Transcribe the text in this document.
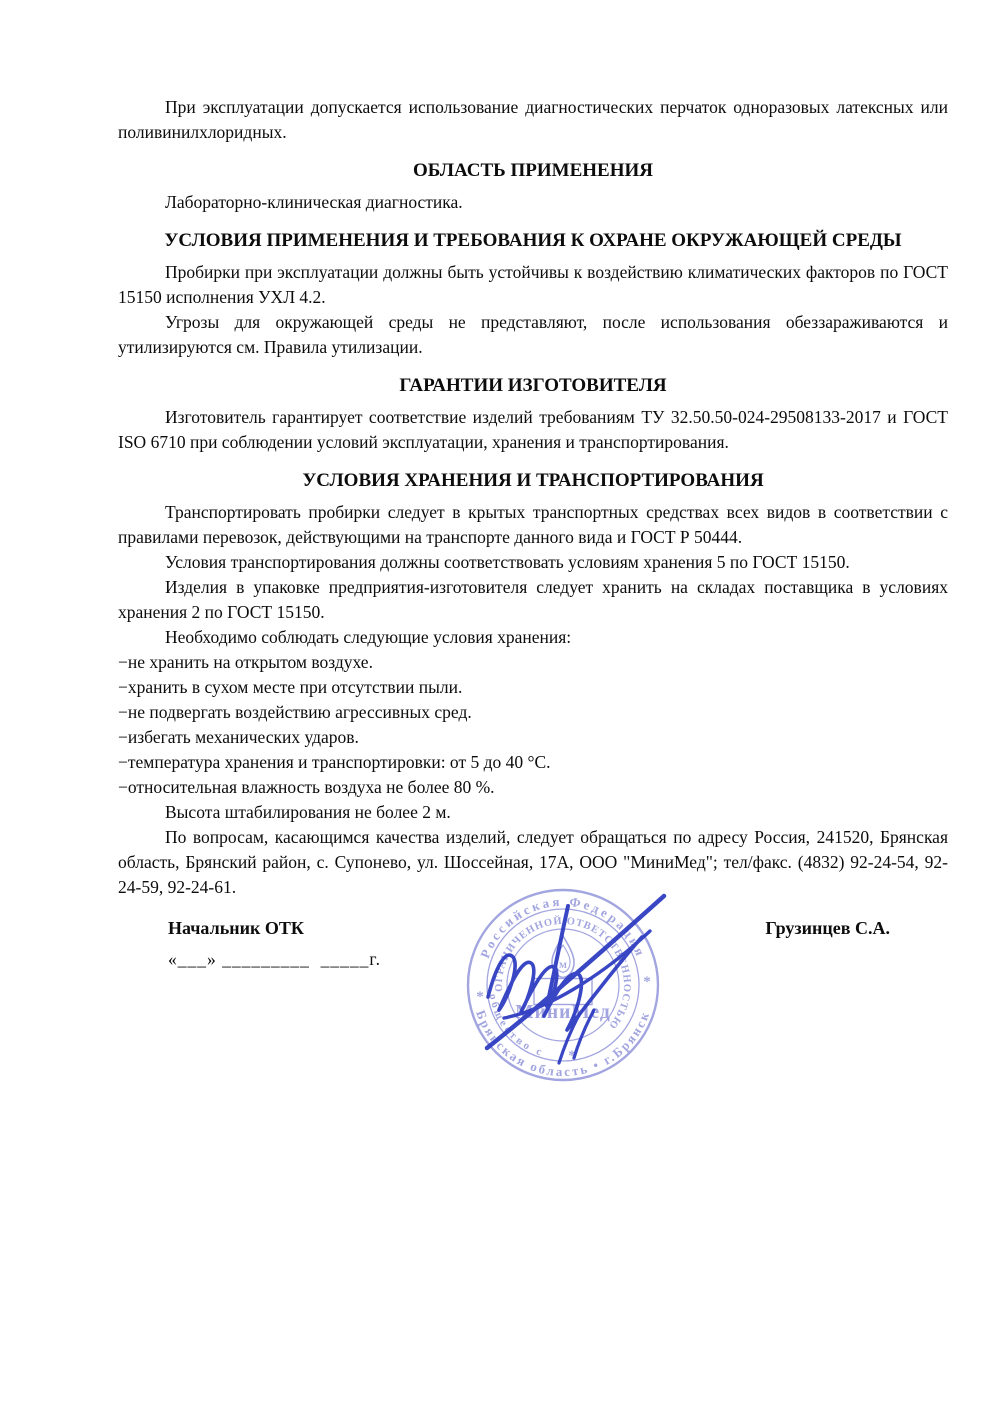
При эксплуатации допускается использование диагностических перчаток одноразовых латексных или поливинилхлоридных.

ОБЛАСТЬ ПРИМЕНЕНИЯ

Лабораторно-клиническая диагностика.

УСЛОВИЯ ПРИМЕНЕНИЯ И ТРЕБОВАНИЯ К ОХРАНЕ ОКРУЖАЮЩЕЙ СРЕДЫ

Пробирки при эксплуатации должны быть устойчивы к воздействию климатических факторов по ГОСТ 15150 исполнения УХЛ 4.2.

Угрозы для окружающей среды не представляют, после использования обеззараживаются и утилизируются см. Правила утилизации.

ГАРАНТИИ ИЗГОТОВИТЕЛЯ

Изготовитель гарантирует соответствие изделий требованиям ТУ 32.50.50-024-29508133-2017 и ГОСТ ISO 6710 при соблюдении условий эксплуатации, хранения и транспортирования.

УСЛОВИЯ ХРАНЕНИЯ И ТРАНСПОРТИРОВАНИЯ

Транспортировать пробирки следует в крытых транспортных средствах всех видов в соответствии с правилами перевозок, действующими на транспорте данного вида и ГОСТ Р 50444.

Условия транспортирования должны соответствовать условиям хранения 5 по ГОСТ 15150.

Изделия в упаковке предприятия-изготовителя следует хранить на складах поставщика в условиях хранения 2 по ГОСТ 15150.

Необходимо соблюдать следующие условия хранения:

−не хранить на открытом воздухе.

−хранить в сухом месте при отсутствии пыли.

−не подвергать воздействию агрессивных сред.

−избегать механических ударов.

−температура хранения и транспортировки: от 5 до 40 °С.

−относительная влажность воздуха не более 80 %.

Высота штабилирования не более 2 м.

По вопросам, касающимся качества изделий, следует обращаться по адресу Россия, 241520, Брянская область, Брянский район, с. Супонево, ул. Шоссейная, 17А, ООО "МиниМед"; тел/факс. (4832) 92-24-54, 92-24-59, 92-24-61.

Начальник ОТК
«___» _________  _____г.
Грузинцев С.А.
Российская Федерация
Брянская область • г.Брянск
ОГРАНИЧЕННОЙ ОТВЕТСТВЕННОСТЬЮ
общество с
*
*
*
М
МиниМед
